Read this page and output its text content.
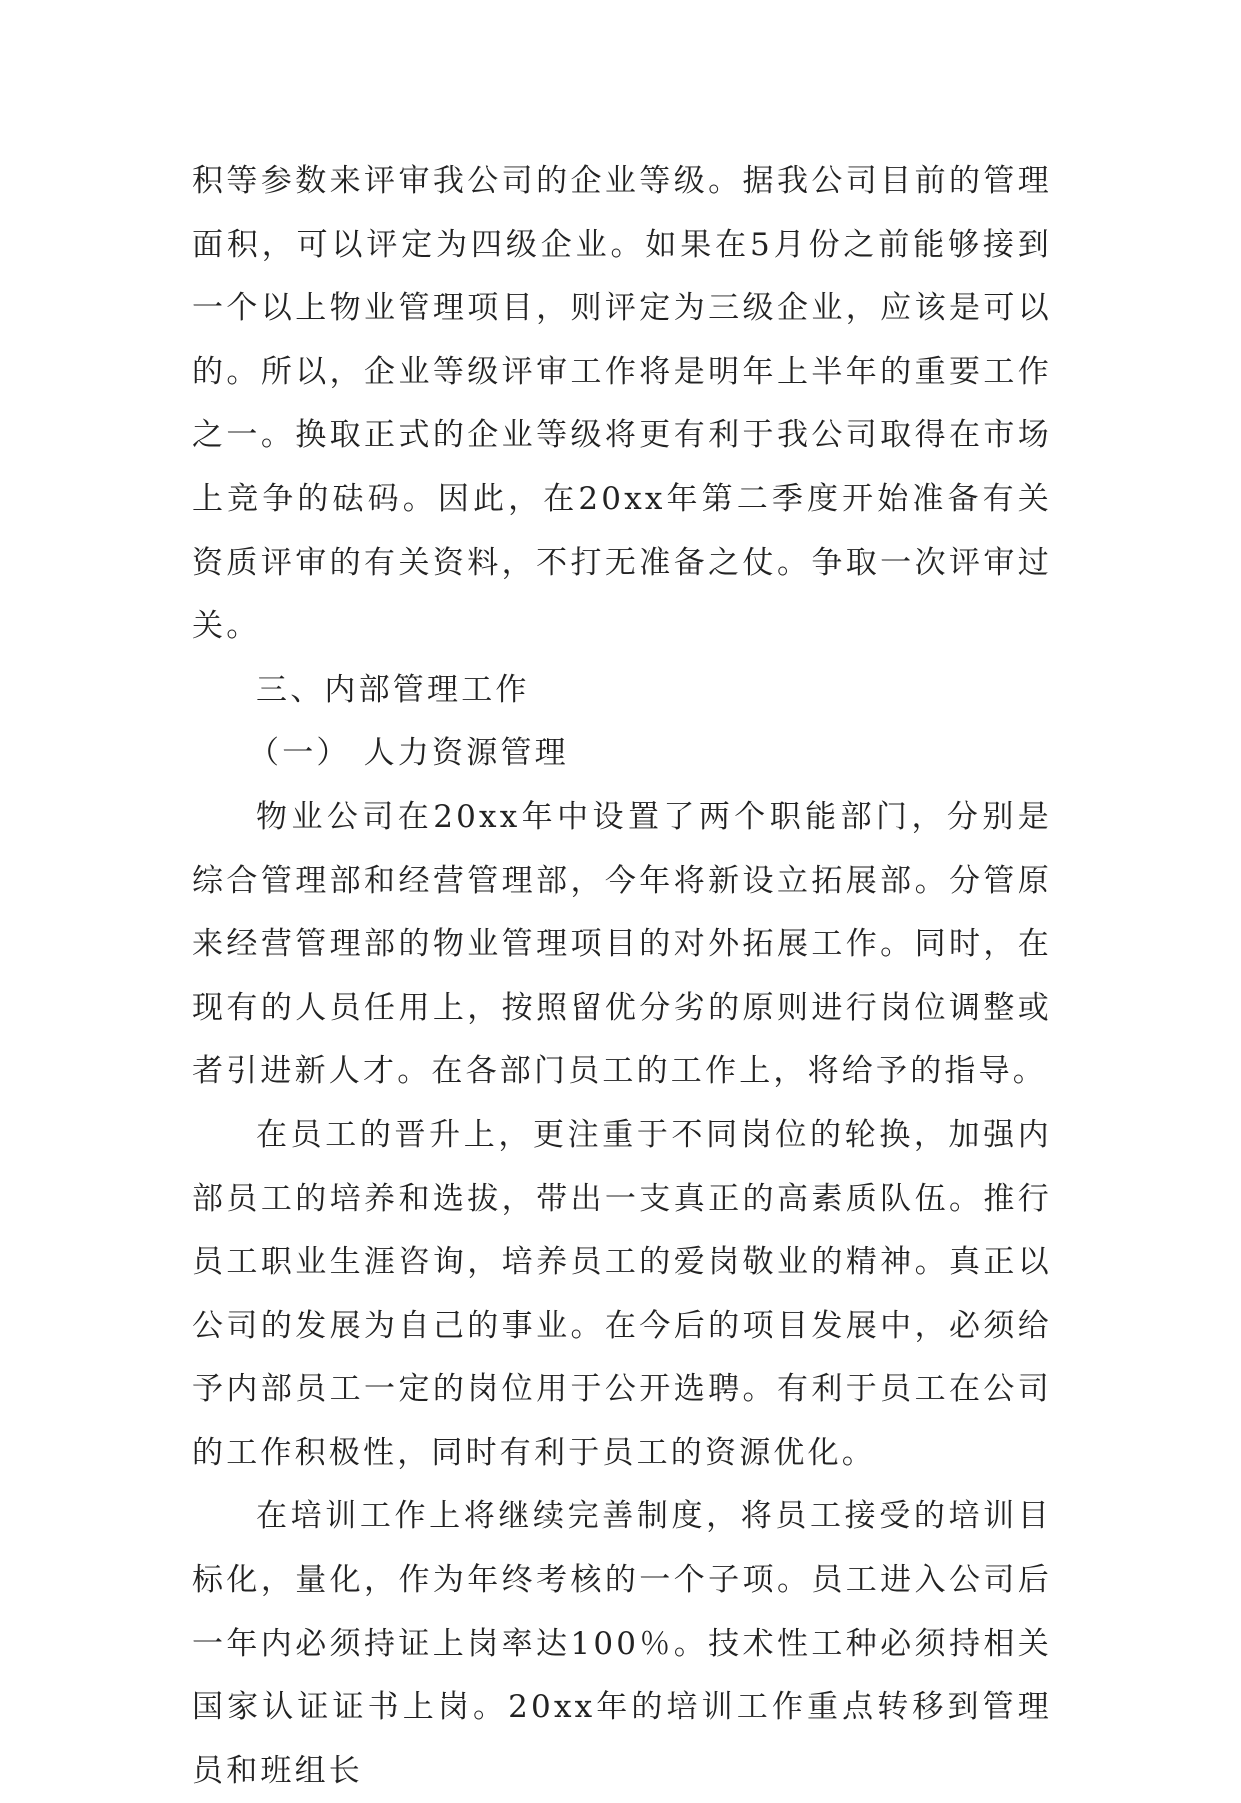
积等参数来评审我公司的企业等级。据我公司目前的管理面积，可以评定为四级企业。如果在5月份之前能够接到一个以上物业管理项目，则评定为三级企业，应该是可以的。所以，企业等级评审工作将是明年上半年的重要工作之一。换取正式的企业等级将更有利于我公司取得在市场上竞争的砝码。因此，在20xx年第二季度开始准备有关资质评审的有关资料，不打无准备之仗。争取一次评审过关。

三、内部管理工作

（一） 人力资源管理

物业公司在20xx年中设置了两个职能部门，分别是综合管理部和经营管理部，今年将新设立拓展部。分管原来经营管理部的物业管理项目的对外拓展工作。同时，在现有的人员任用上，按照留优分劣的原则进行岗位调整或者引进新人才。在各部门员工的工作上，将给予的指导。

在员工的晋升上，更注重于不同岗位的轮换，加强内部员工的培养和选拔，带出一支真正的高素质队伍。推行员工职业生涯咨询，培养员工的爱岗敬业的精神。真正以公司的发展为自己的事业。在今后的项目发展中，必须给予内部员工一定的岗位用于公开选聘。有利于员工在公司的工作积极性，同时有利于员工的资源优化。

在培训工作上将继续完善制度，将员工接受的培训目标化，量化，作为年终考核的一个子项。员工进入公司后一年内必须持证上岗率达100％。技术性工种必须持相关国家认证证书上岗。20xx年的培训工作重点转移到管理员和班组长
